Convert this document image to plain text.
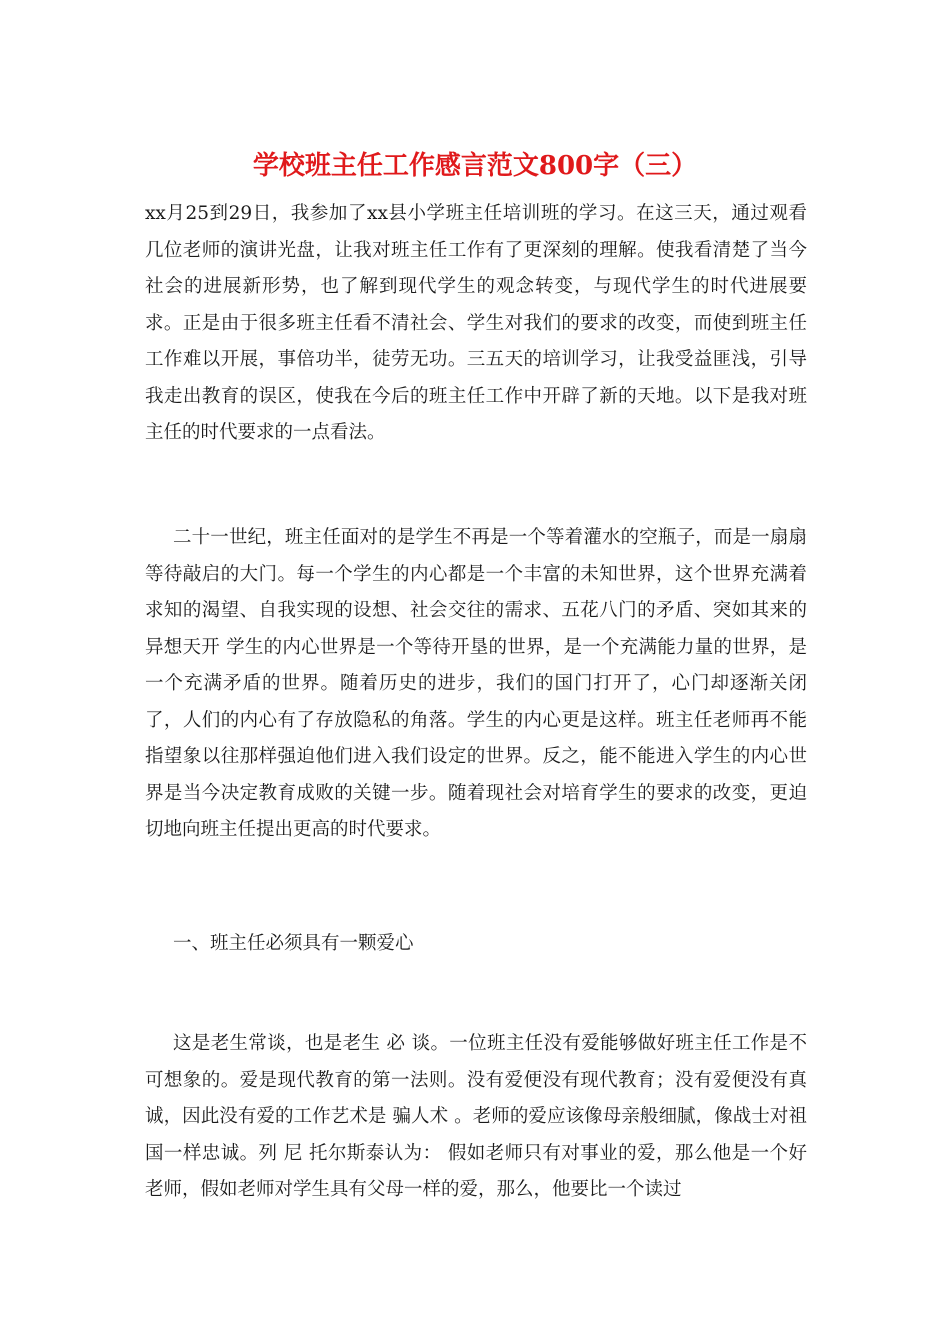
学校班主任工作感言范文800字（三）

xx月25到29日，我参加了xx县小学班主任培训班的学习。在这三天，通过观看几位老师的演讲光盘，让我对班主任工作有了更深刻的理解。使我看清楚了当今社会的进展新形势，也了解到现代学生的观念转变，与现代学生的时代进展要求。正是由于很多班主任看不清社会、学生对我们的要求的改变，而使到班主任工作难以开展，事倍功半，徒劳无功。三五天的培训学习，让我受益匪浅，引导我走出教育的误区，使我在今后的班主任工作中开辟了新的天地。以下是我对班主任的时代要求的一点看法。

二十一世纪，班主任面对的是学生不再是一个等着灌水的空瓶子，而是一扇扇等待敲启的大门。每一个学生的内心都是一个丰富的未知世界，这个世界充满着求知的渴望、自我实现的设想、社会交往的需求、五花八门的矛盾、突如其来的异想天开 学生的内心世界是一个等待开垦的世界，是一个充满能力量的世界，是一个充满矛盾的世界。随着历史的进步，我们的国门打开了，心门却逐渐关闭了，人们的内心有了存放隐私的角落。学生的内心更是这样。班主任老师再不能指望象以往那样强迫他们进入我们设定的世界。反之，能不能进入学生的内心世界是当今决定教育成败的关键一步。随着现社会对培育学生的要求的改变，更迫切地向班主任提出更高的时代要求。

一、班主任必须具有一颗爱心

这是老生常谈，也是老生 必 谈。一位班主任没有爱能够做好班主任工作是不可想象的。爱是现代教育的第一法则。没有爱便没有现代教育；没有爱便没有真诚，因此没有爱的工作艺术是 骗人术 。老师的爱应该像母亲般细腻，像战士对祖国一样忠诚。列 尼 托尔斯泰认为： 假如老师只有对事业的爱，那么他是一个好老师，假如老师对学生具有父母一样的爱，那么，他要比一个读过
